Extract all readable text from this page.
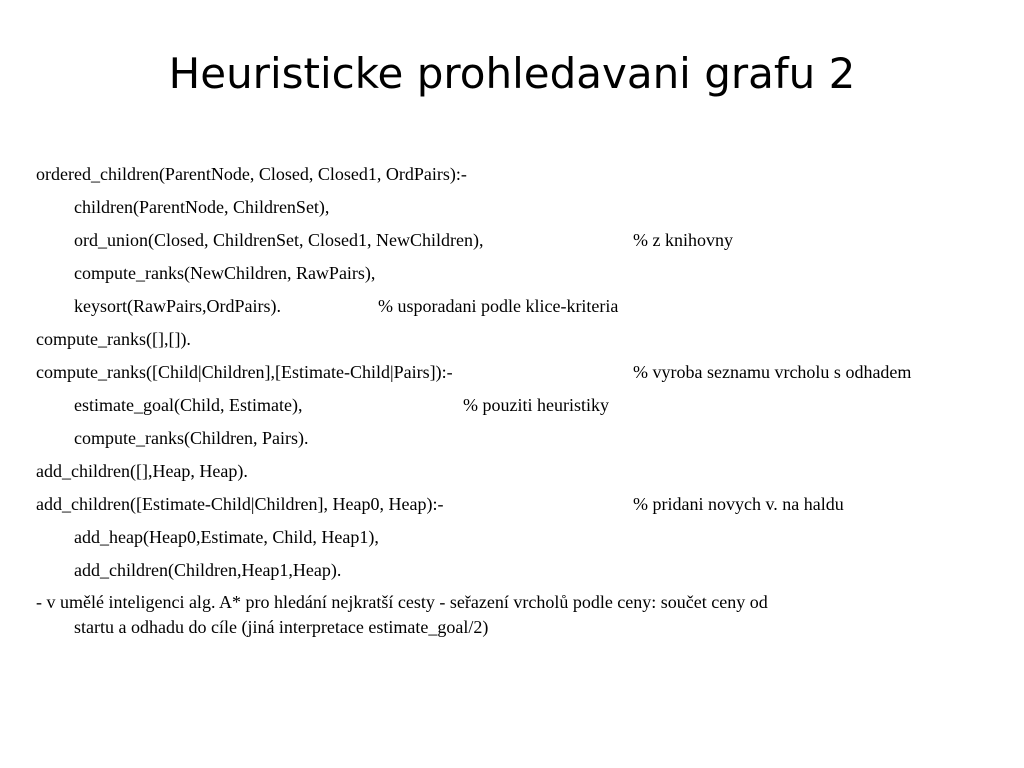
Heuristicke prohledavani grafu 2
ordered_children(ParentNode, Closed, Closed1, OrdPairs):-
children(ParentNode, ChildrenSet),
ord_union(Closed, ChildrenSet, Closed1, NewChildren),	% z knihovny
compute_ranks(NewChildren, RawPairs),
keysort(RawPairs,OrdPairs).	% usporadani podle klice-kriteria
compute_ranks([],[]).
compute_ranks([Child|Children],[Estimate-Child|Pairs]):-	% vyroba seznamu vrcholu s odhadem
estimate_goal(Child, Estimate),	% pouziti heuristiky
compute_ranks(Children, Pairs).
add_children([],Heap, Heap).
add_children([Estimate-Child|Children], Heap0, Heap):-	% pridani novych v. na haldu
add_heap(Heap0,Estimate, Child, Heap1),
add_children(Children,Heap1,Heap).
- v umělé inteligenci alg. A* pro hledání nejkratší cesty - seřazení vrcholů podle ceny: součet ceny od
startu a odhadu do cíle (jiná interpretace estimate_goal/2)
